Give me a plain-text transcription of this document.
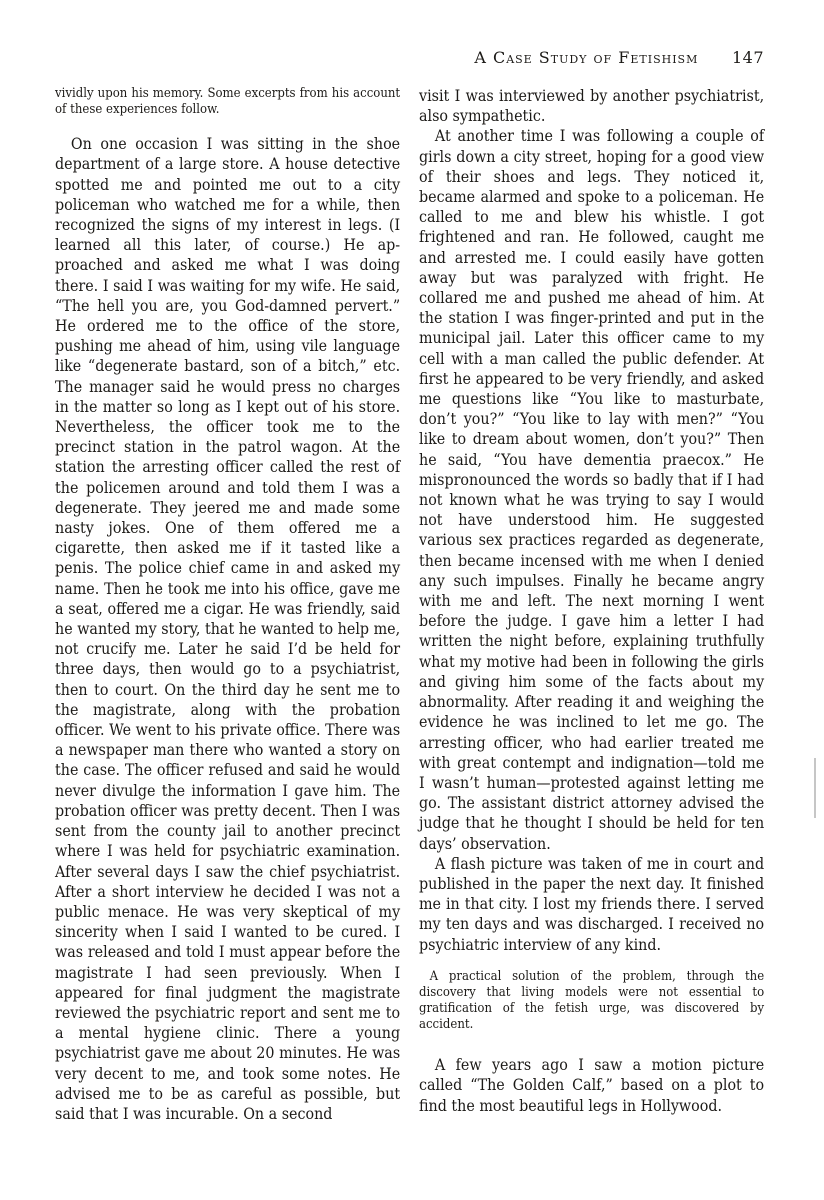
A Case Study of Fetishism 147

vividly upon his memory. Some excerpts from his account of these experiences follow.

On one occasion I was sitting in the shoe department of a large store. A house detective spotted me and pointed me out to a city policeman who watched me for a while, then recognized the signs of my interest in legs. (I learned all this later, of course.) He approached and asked me what I was doing there. I said I was waiting for my wife. He said, “The hell you are, you God-damned pervert.” He ordered me to the office of the store, pushing me ahead of him, using vile language like “degenerate bastard, son of a bitch,” etc. The manager said he would press no charges in the matter so long as I kept out of his store. Nevertheless, the officer took me to the precinct station in the patrol wagon. At the station the arresting officer called the rest of the policemen around and told them I was a degenerate. They jeered me and made some nasty jokes. One of them offered me a cigarette, then asked me if it tasted like a penis. The police chief came in and asked my name. Then he took me into his office, gave me a seat, offered me a cigar. He was friendly, said he wanted my story, that he wanted to help me, not crucify me. Later he said I’d be held for three days, then would go to a psychiatrist, then to court. On the third day he sent me to the magistrate, along with the probation officer. We went to his private office. There was a newspaper man there who wanted a story on the case. The officer refused and said he would never divulge the information I gave him. The probation officer was pretty decent. Then I was sent from the county jail to another precinct where I was held for psychiatric examination. After several days I saw the chief psychiatrist. After a short interview he decided I was not a public menace. He was very skeptical of my sincerity when I said I wanted to be cured. I was released and told I must appear before the magistrate I had seen previously. When I appeared for final judgment the magistrate reviewed the psychiatric report and sent me to a mental hygiene clinic. There a young psychiatrist gave me about 20 minutes. He was very decent to me, and took some notes. He advised me to be as careful as possible, but said that I was incurable. On a second

visit I was interviewed by another psychiatrist, also sympathetic.

At another time I was following a couple of girls down a city street, hoping for a good view of their shoes and legs. They noticed it, became alarmed and spoke to a policeman. He called to me and blew his whistle. I got frightened and ran. He followed, caught me and arrested me. I could easily have gotten away but was paralyzed with fright. He collared me and pushed me ahead of him. At the station I was finger-printed and put in the municipal jail. Later this officer came to my cell with a man called the public defender. At first he appeared to be very friendly, and asked me questions like “You like to masturbate, don’t you?” “You like to lay with men?” “You like to dream about women, don’t you?” Then he said, “You have dementia praecox.” He mispronounced the words so badly that if I had not known what he was trying to say I would not have understood him. He suggested various sex practices regarded as degenerate, then became incensed with me when I denied any such impulses. Finally he became angry with me and left. The next morning I went before the judge. I gave him a letter I had written the night before, explaining truthfully what my motive had been in following the girls and giving him some of the facts about my abnormality. After reading it and weighing the evidence he was inclined to let me go. The arresting officer, who had earlier treated me with great contempt and indignation—told me I wasn’t human—protested against letting me go. The assistant district attorney advised the judge that he thought I should be held for ten days’ observation.

A flash picture was taken of me in court and published in the paper the next day. It finished me in that city. I lost my friends there. I served my ten days and was discharged. I received no psychiatric interview of any kind.

A practical solution of the problem, through the discovery that living models were not essential to gratification of the fetish urge, was discovered by accident.

A few years ago I saw a motion picture called “The Golden Calf,” based on a plot to find the most beautiful legs in Hollywood.
